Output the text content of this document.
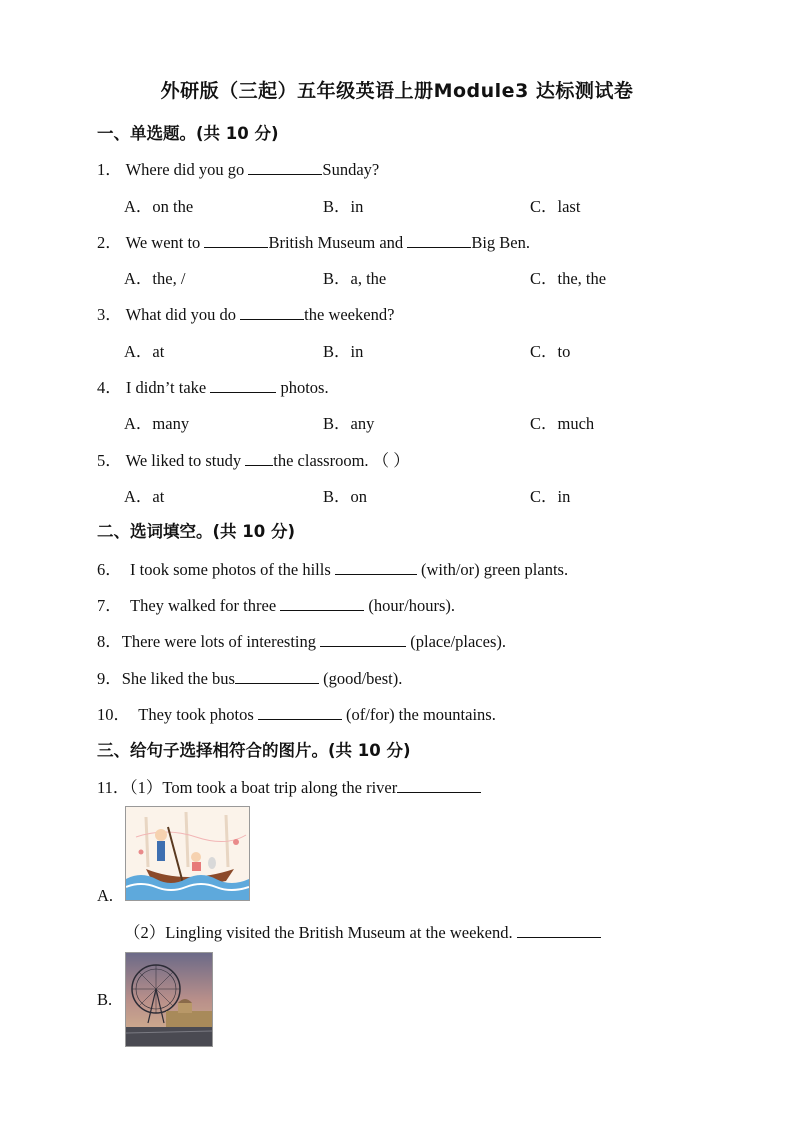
外研版（三起）五年级英语上册Module3 达标测试卷
一、单选题。(共 10 分)
1． Where did you go	Sunday?
A．on the	B．in	C．last
2． We went to	British Museum and	Big Ben.
A．the, /	B．a, the	C．the, the
3． What did you do	the weekend?
A．at	B．in	C．to
4． I didn’t take	photos.
A．many	B．any	C．much
5． We liked to study the classroom. （ ）
A．at	B．on	C．in
二、选词填空。(共 10 分)
6． I took some photos of the hills	(with/or) green plants.
7． They walked for three	(hour/hours).
8．There were lots of interesting	(place/places).
9．She liked the bus	(good/best).
10． They took photos	(of/for) the mountains.
三、给句子选择相符合的图片。(共 10 分)
11．（1）Tom took a boat trip along the river
A.
（2）Lingling visited the British Museum at the weekend.
B.
